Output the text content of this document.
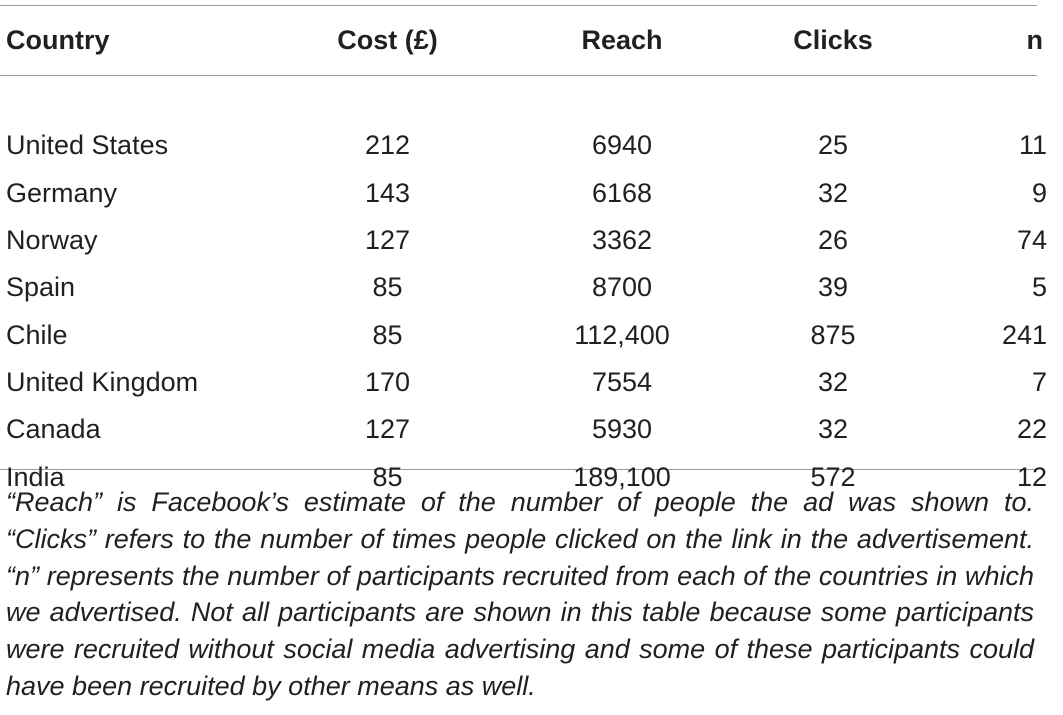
Country	Cost (£)	Reach	Clicks	n

United States	212	6940	25	11
Germany	143	6168	32	9
Norway	127	3362	26	74
Spain	85	8700	39	5
Chile	85	112,400	875	241
United Kingdom	170	7554	32	7
Canada	127	5930	32	22
India	85	189,100	572	12

“Reach” is Facebook’s estimate of the number of people the ad was shown to. “Clicks” refers to the number of times people clicked on the link in the advertisement. “n” represents the number of participants recruited from each of the countries in which we advertised. Not all participants are shown in this table because some participants were recruited without social media advertising and some of these participants could have been recruited by other means as well.
